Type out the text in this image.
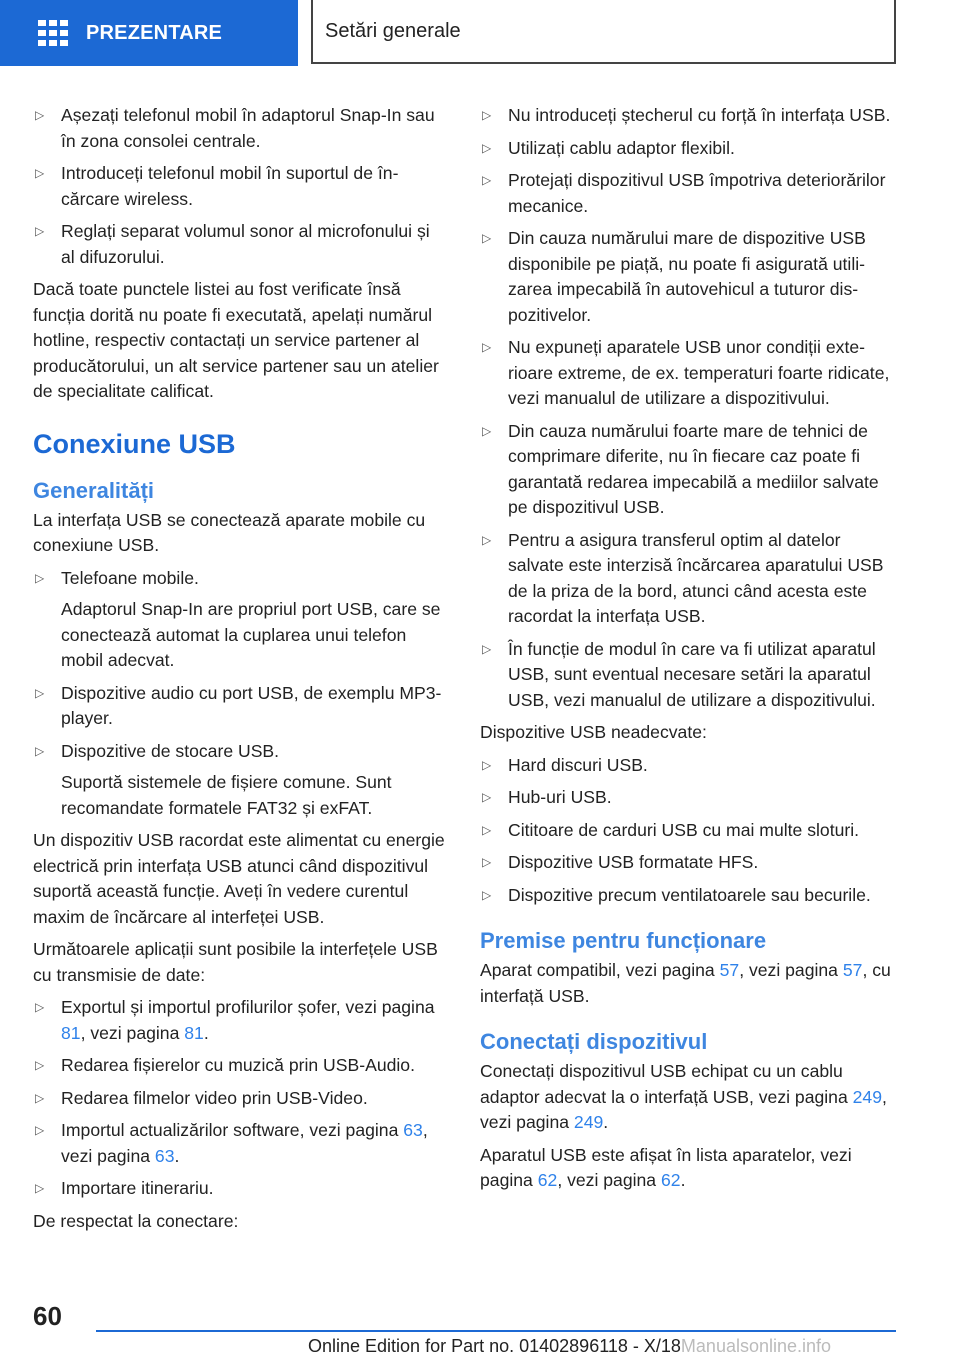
PREZENTARE	Setări generale
▷ Așezați telefonul mobil în adaptorul Snap-In sau în zona consolei centrale.
▷ Introduceți telefonul mobil în suportul de încărcare wireless.
▷ Reglați separat volumul sonor al microfonului și al difuzorului.

Dacă toate punctele listei au fost verificate însă funcția dorită nu poate fi executată, apelați numărul hotline, respectiv contactați un service partener al producătorului, un alt service partener sau un atelier de specialitate calificat.

Conexiune USB
Generalități

La interfața USB se conectează aparate mobile cu conexiune USB.

▷ Telefoane mobile.
Adaptorul Snap-In are propriul port USB, care se conectează automat la cuplarea unui telefon mobil adecvat.
▷ Dispozitive audio cu port USB, de exemplu MP3-player.
▷ Dispozitive de stocare USB.
Suportă sistemele de fișiere comune. Sunt recomandate formatele FAT32 și exFAT.

Un dispozitiv USB racordat este alimentat cu energie electrică prin interfața USB atunci când dispozitivul suportă această funcție. Aveți în vedere curentul maxim de încărcare al interfeței USB.

Următoarele aplicații sunt posibile la interfețele USB cu transmisie de date:

▷ Exportul și importul profilurilor șofer, vezi pagina 81, vezi pagina 81.
▷ Redarea fișierelor cu muzică prin USB-Audio.
▷ Redarea filmelor video prin USB-Video.
▷ Importul actualizărilor software, vezi pagina 63, vezi pagina 63.
▷ Importare itinerariu.

De respectat la conectare:

▷ Nu introduceți ștecherul cu forță în interfața USB.
▷ Utilizați cablu adaptor flexibil.
▷ Protejați dispozitivul USB împotriva deteriorărilor mecanice.
▷ Din cauza numărului mare de dispozitive USB disponibile pe piață, nu poate fi asigurată utilizarea impecabilă în autovehicul a tuturor dispozitivelor.
▷ Nu expuneți aparatele USB unor condiții exterioare extreme, de ex. temperaturi foarte ridicate, vezi manualul de utilizare a dispozitivului.
▷ Din cauza numărului foarte mare de tehnici de comprimare diferite, nu în fiecare caz poate fi garantată redarea impecabilă a mediilor salvate pe dispozitivul USB.
▷ Pentru a asigura transferul optim al datelor salvate este interzisă încărcarea aparatului USB de la priza de la bord, atunci când acesta este racordat la interfața USB.
▷ În funcție de modul în care va fi utilizat aparatul USB, sunt eventual necesare setări la aparatul USB, vezi manualul de utilizare a dispozitivului.

Dispozitive USB neadecvate:

▷ Hard discuri USB.
▷ Hub-uri USB.
▷ Cititoare de carduri USB cu mai multe sloturi.
▷ Dispozitive USB formatate HFS.
▷ Dispozitive precum ventilatoarele sau becurile.
Premise pentru funcționare

Aparat compatibil, vezi pagina 57, vezi pagina 57, cu interfață USB.

Conectați dispozitivul

Conectați dispozitivul USB echipat cu un cablu adaptor adecvat la o interfață USB, vezi pagina 249, vezi pagina 249.

Aparatul USB este afișat în lista aparatelor, vezi pagina 62, vezi pagina 62.

60
Online Edition for Part no. 01402896118 - X/18Manualsonline.info
